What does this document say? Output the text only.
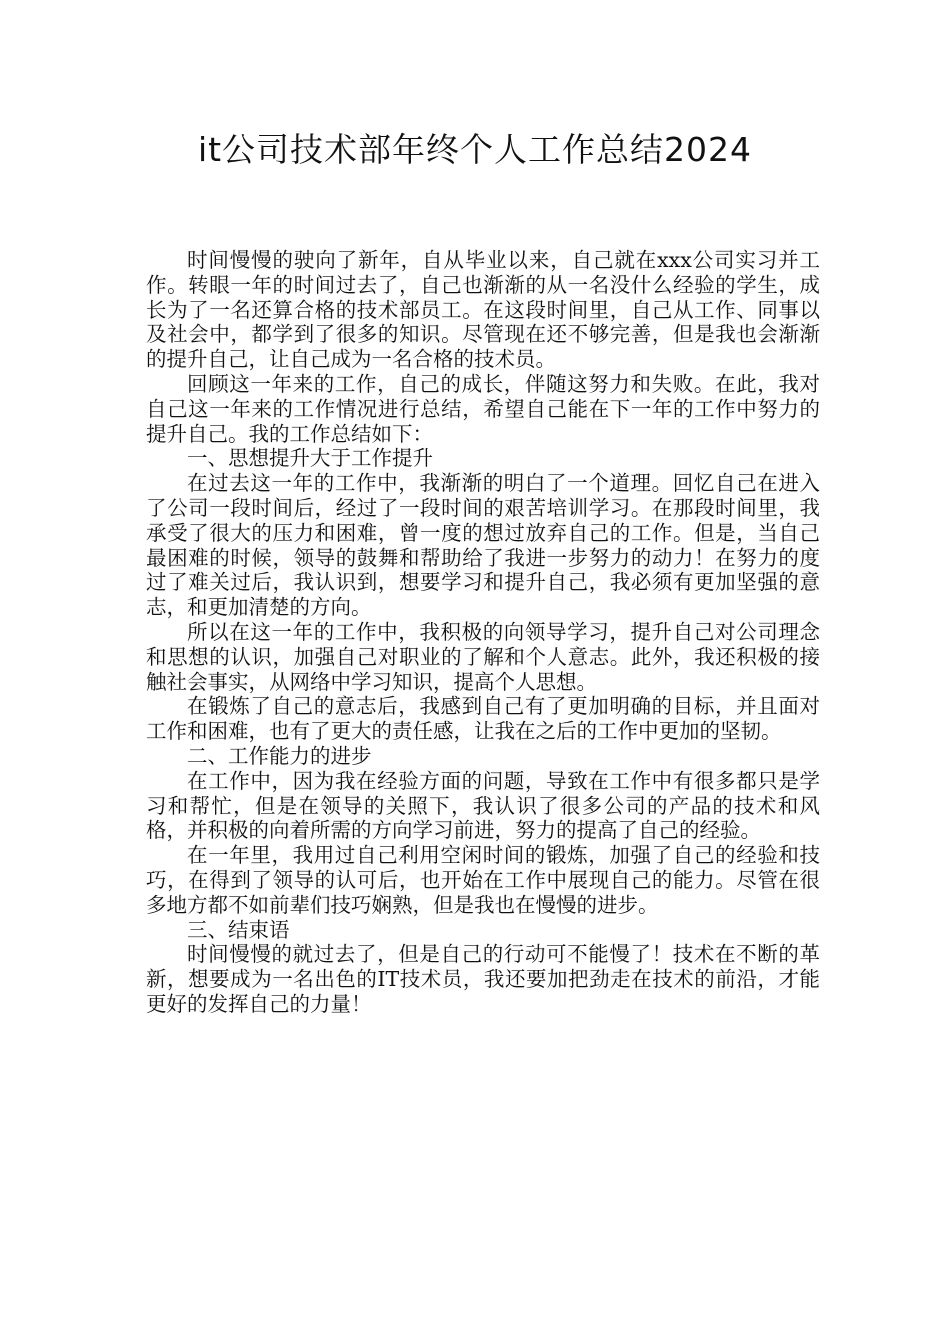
it公司技术部年终个人工作总结2024

时间慢慢的驶向了新年，自从毕业以来，自己就在xxx公司实习并工作。转眼一年的时间过去了，自己也渐渐的从一名没什么经验的学生，成长为了一名还算合格的技术部员工。在这段时间里，自己从工作、同事以及社会中，都学到了很多的知识。尽管现在还不够完善，但是我也会渐渐的提升自己，让自己成为一名合格的技术员。

回顾这一年来的工作，自己的成长，伴随这努力和失败。在此，我对自己这一年来的工作情况进行总结，希望自己能在下一年的工作中努力的提升自己。我的工作总结如下：

一、思想提升大于工作提升

在过去这一年的工作中，我渐渐的明白了一个道理。回忆自己在进入了公司一段时间后，经过了一段时间的艰苦培训学习。在那段时间里，我承受了很大的压力和困难，曾一度的想过放弃自己的工作。但是，当自己最困难的时候，领导的鼓舞和帮助给了我进一步努力的动力！在努力的度过了难关过后，我认识到，想要学习和提升自己，我必须有更加坚强的意志，和更加清楚的方向。

所以在这一年的工作中，我积极的向领导学习，提升自己对公司理念和思想的认识，加强自己对职业的了解和个人意志。此外，我还积极的接触社会事实，从网络中学习知识，提高个人思想。

在锻炼了自己的意志后，我感到自己有了更加明确的目标，并且面对工作和困难，也有了更大的责任感，让我在之后的工作中更加的坚韧。

二、工作能力的进步

在工作中，因为我在经验方面的问题，导致在工作中有很多都只是学习和帮忙，但是在领导的关照下，我认识了很多公司的产品的技术和风格，并积极的向着所需的方向学习前进，努力的提高了自己的经验。

在一年里，我用过自己利用空闲时间的锻炼，加强了自己的经验和技巧，在得到了领导的认可后，也开始在工作中展现自己的能力。尽管在很多地方都不如前辈们技巧娴熟，但是我也在慢慢的进步。

三、结束语

时间慢慢的就过去了，但是自己的行动可不能慢了！技术在不断的革新，想要成为一名出色的IT技术员，我还要加把劲走在技术的前沿，才能更好的发挥自己的力量！
